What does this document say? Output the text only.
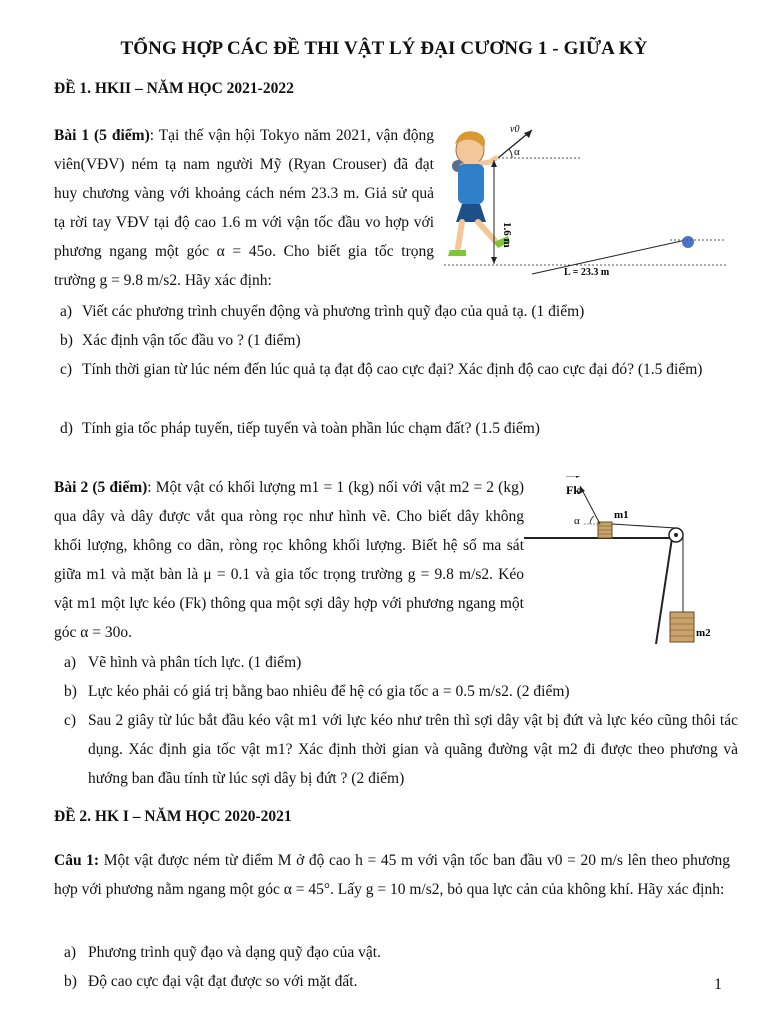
TỔNG HỢP CÁC ĐỀ THI VẬT LÝ ĐẠI CƯƠNG 1 - GIỮA KỲ
ĐỀ 1. HKII – NĂM HỌC 2021-2022
Bài 1 (5 điểm): Tại thế vận hội Tokyo năm 2021, vận động viên(VĐV) ném tạ nam người Mỹ (Ryan Crouser) đã đạt huy chương vàng với khoảng cách ném 23.3 m. Giả sử quả tạ rời tay VĐV tại độ cao 1.6 m với vận tốc đầu vo hợp với phương ngang một góc α = 45o. Cho biết gia tốc trọng trường g = 9.8 m/s2. Hãy xác định:
v0
α
1.6 m
L = 23.3 m
a) Viết các phương trình chuyển động và phương trình quỹ đạo của quả tạ. (1 điểm)
b) Xác định vận tốc đầu vo ? (1 điểm)
c) Tính thời gian từ lúc ném đến lúc quả tạ đạt độ cao cực đại? Xác định độ cao cực đại đó? (1.5 điểm)
d) Tính gia tốc pháp tuyến, tiếp tuyến và toàn phần lúc chạm đất? (1.5 điểm)
Bài 2 (5 điểm): Một vật có khối lượng m1 = 1 (kg) nối với vật m2 = 2 (kg) qua dây và dây được vắt qua ròng rọc như hình vẽ. Cho biết dây không khối lượng, không co dãn, ròng rọc không khối lượng. Biết hệ số ma sát giữa m1 và mặt bàn là μ = 0.1 và gia tốc trọng trường g = 9.8 m/s2. Kéo vật m1 một lực kéo (Fk) thông qua một sợi dây hợp với phương ngang một góc α = 30o.
m1
Fk
α
m2
a) Vẽ hình và phân tích lực. (1 điểm)
b) Lực kéo phải có giá trị bằng bao nhiêu để hệ có gia tốc a = 0.5 m/s2. (2 điểm)
c) Sau 2 giây từ lúc bắt đầu kéo vật m1 với lực kéo như trên thì sợi dây vật bị đứt và lực kéo cũng thôi tác dụng. Xác định gia tốc vật m1? Xác định thời gian và quãng đường vật m2 đi được theo phương và hướng ban đầu tính từ lúc sợi dây bị đứt ? (2 điểm)
ĐỀ 2. HK I – NĂM HỌC 2020-2021
Câu 1: Một vật được ném từ điểm M ở độ cao h = 45 m với vận tốc ban đầu v0 = 20 m/s lên theo phương hợp với phương nằm ngang một góc α = 45°. Lấy g = 10 m/s2, bỏ qua lực cản của không khí. Hãy xác định:
a) Phương trình quỹ đạo và dạng quỹ đạo của vật.
b) Độ cao cực đại vật đạt được so với mặt đất.	1
